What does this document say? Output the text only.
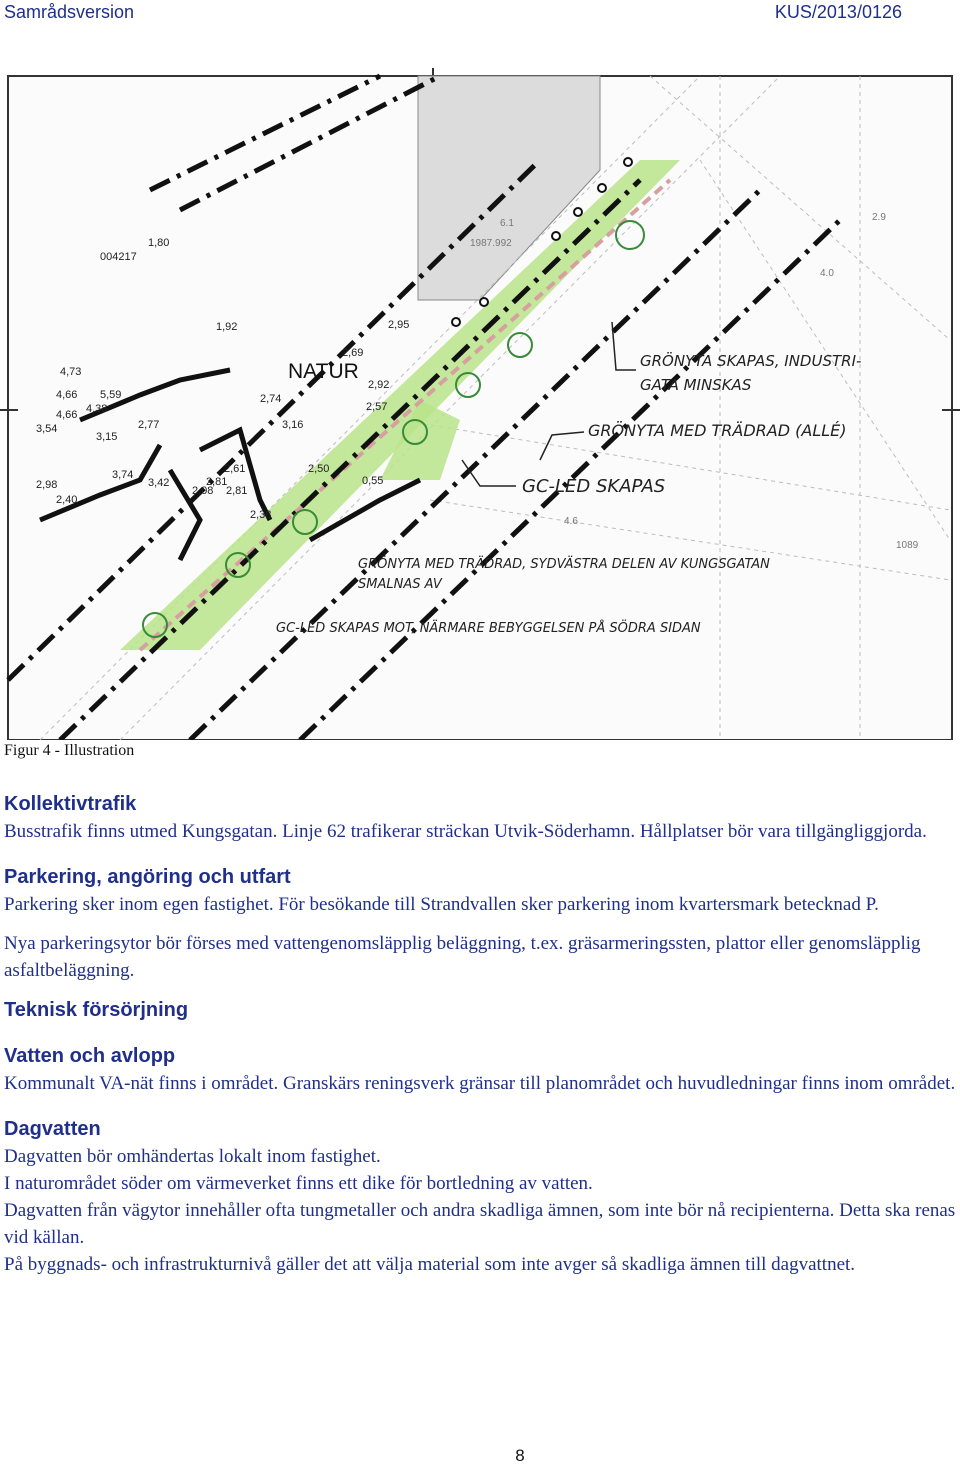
Samrådsversion	KUS/2013/0126
1,80
004217
1,92
2,69
4,73
4,66 5,59
4,38
4,66
3,54
3,15
2,77
2,74
2,92
2,57
2,95
3,16
3,74
3,42
2,61
2,81
2,08 2,81
2,50
2,38
2,98
2,40
0,55
6.1
1987.992
2.9
4.0
4.6
1089
NATUR	GRÖNYTA SKAPAS, INDUSTRI-
GATA MINSKAS
GRÖNYTA MED TRÄDRAD (ALLÉ)
GC-LED SKAPAS
GRÖNYTA MED TRÄDRAD, SYDVÄSTRA DELEN AV KUNGSGATAN
SMALNAS AV
GC-LED SKAPAS MOT, NÄRMARE BEBYGGELSEN PÅ SÖDRA SIDAN
Figur 4 - Illustration
Kollektivtrafik

Busstrafik finns utmed Kungsgatan. Linje 62 trafikerar sträckan Utvik-Söderhamn. Hållplatser bör vara tillgängliggjorda.

Parkering, angöring och utfart

Parkering sker inom egen fastighet. För besökande till Strandvallen sker parkering inom kvartersmark betecknad P.

Nya parkeringsytor bör förses med vattengenomsläpplig beläggning, t.ex. gräsarmeringssten, plattor eller genomsläpplig asfaltbeläggning.

Teknisk försörjning
Vatten och avlopp

Kommunalt VA-nät finns i området. Granskärs reningsverk gränsar till planområdet och huvudledningar finns inom området.

Dagvatten

Dagvatten bör omhändertas lokalt inom fastighet.

I naturområdet söder om värmeverket finns ett dike för bortledning av vatten.

Dagvatten från vägytor innehåller ofta tungmetaller och andra skadliga ämnen, som inte bör nå recipienterna. Detta ska renas vid källan.

På byggnads- och infrastrukturnivå gäller det att välja material som inte avger så skadliga ämnen till dagvattnet.

8
